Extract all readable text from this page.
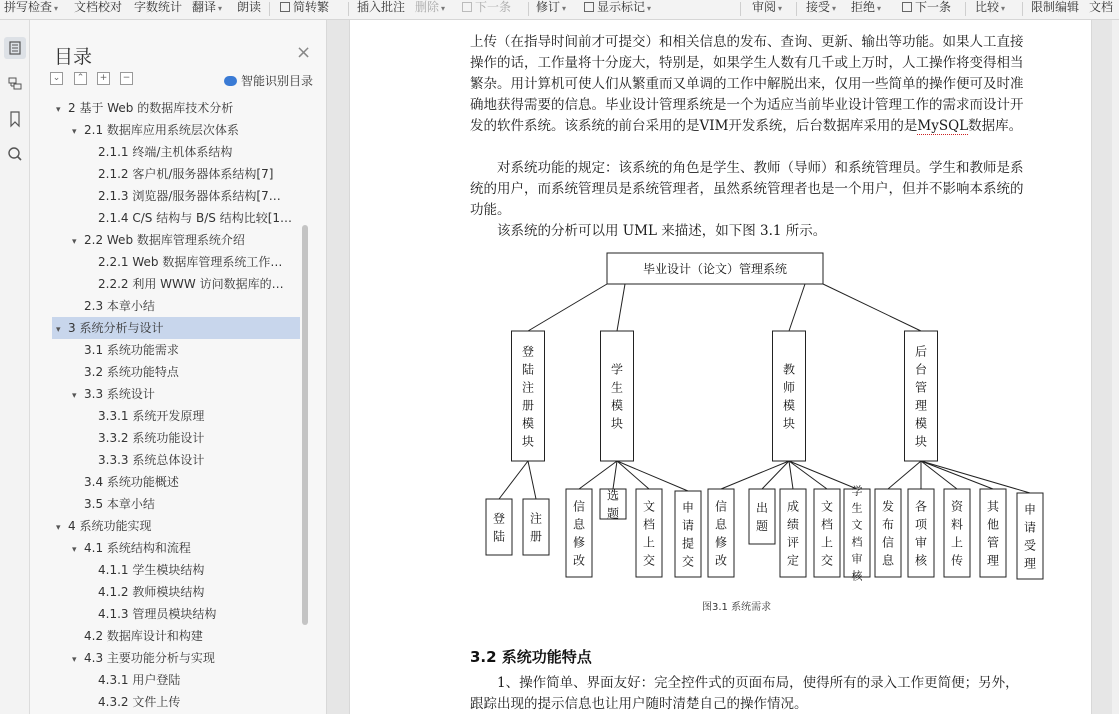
拼写检查 ▾ 文档校对 字数统计 翻译 ▾ 朗读	简转繁 插入批注 删除 ▾	下一条 修订 ▾	显示标记 ▾	审阅 ▾ 接受 ▾ 拒绝 ▾	下一条 比较 ▾ 限制编辑 文档
目录	×
⌄	⌃	+	−	智能识别目录
▾ 2 基于 Web 的数据库技术分析
▾ 2.1 数据库应用系统层次体系
2.1.1 终端/主机体系结构
2.1.2 客户机/服务器体系结构[7]
2.1.3 浏览器/服务器体系结构[7…
2.1.4 C/S 结构与 B/S 结构比较[1…
▾ 2.2 Web 数据库管理系统介绍
2.2.1 Web 数据库管理系统工作…
2.2.2 利用 WWW 访问数据库的…
2.3 本章小结
▾ 3 系统分析与设计
3.1 系统功能需求
3.2 系统功能特点
▾ 3.3 系统设计
3.3.1 系统开发原理
3.3.2 系统功能设计
3.3.3 系统总体设计
3.4 系统功能概述
3.5 本章小结
▾ 4 系统功能实现
▾ 4.1 系统结构和流程
4.1.1 学生模块结构
4.1.2 教师模块结构
4.1.3 管理员模块结构
4.2 数据库设计和构建
▾ 4.3 主要功能分析与实现
4.3.1 用户登陆
4.3.2 文件上传
上传（在指导时间前才可提交）和相关信息的发布、查询、更新、输出等功能。如果人工直接操作的话，工作量将十分庞大，特别是，如果学生人数有几千或上万时，人工操作将变得相当繁杂。用计算机可使人们从繁重而又单调的工作中解脱出来，仅用一些简单的操作便可及时准确地获得需要的信息。毕业设计管理系统是一个为适应当前毕业设计管理工作的需求而设计开发的软件系统。该系统的前台采用的是VIM开发系统，后台数据库采用的是MySQL数据库。
对系统功能的规定：该系统的角色是学生、教师（导师）和系统管理员。学生和教师是系统的用户，而系统管理员是系统管理者，虽然系统管理者也是一个用户，但并不影响本系统的功能。
该系统的分析可以用 UML 来描述，如下图 3.1 所示。
毕业设计（论文）管理系统
登
陆
注
册
模
块
学
生
模
块
教
师
模
块
后
台
管
理
模
块
登
陆
注
册
信
息
修
改
选
题 文
档
上
交
申
请
提
交
信
息
修
改
出
题
成
绩
评
定
文
档
上
交
学
生
文
档
审
核
发
布
信
息
各
项
审
核
资
料
上
传
其
他
管
理
申
请
受
理
图3.1 系统需求
3.2 系统功能特点
1、操作简单、界面友好：完全控件式的页面布局，使得所有的录入工作更简便；另外，跟踪出现的提示信息也让用户随时清楚自己的操作情况。
